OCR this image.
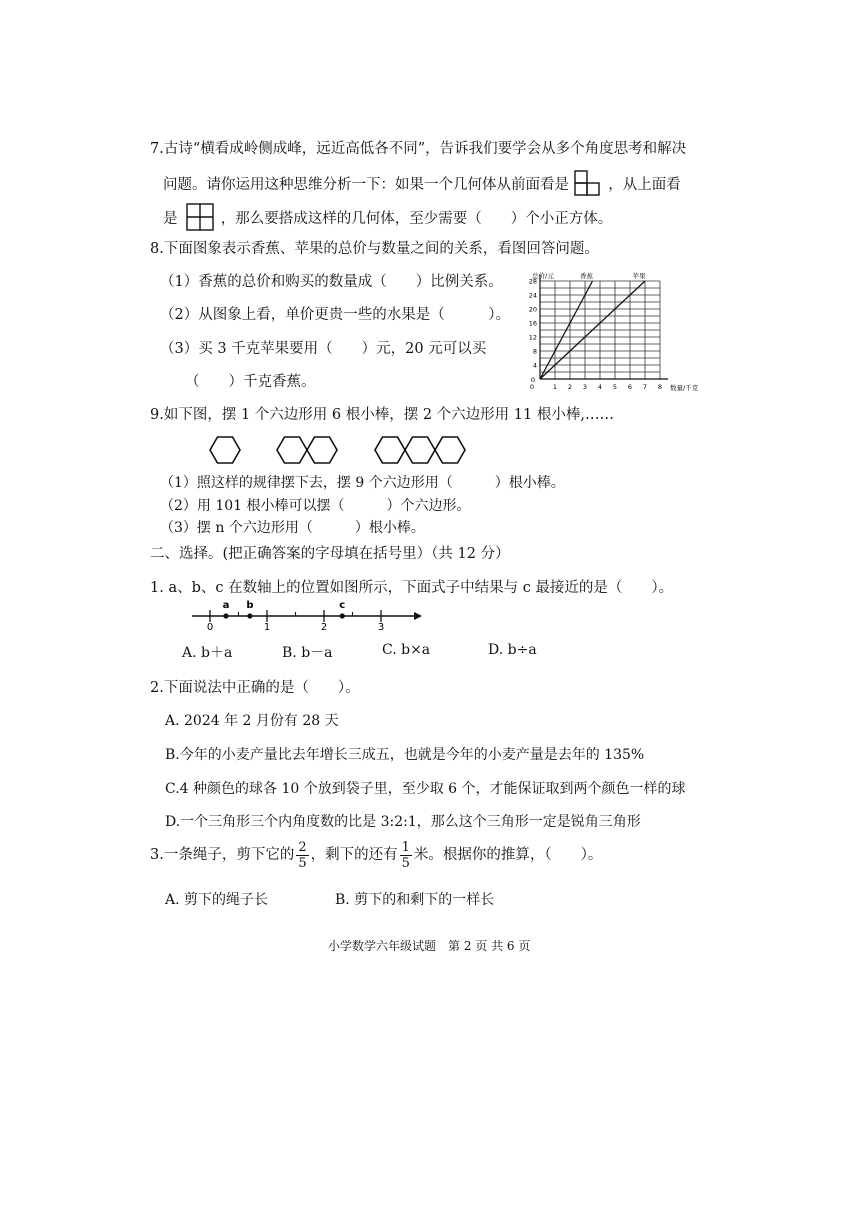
7.古诗“横看成岭侧成峰，远近高低各不同”，告诉我们要学会从多个角度思考和解决
问题。请你运用这种思维分析一下：如果一个几何体从前面看是	，从上面看
是	，那么要搭成这样的几何体，至少需要（　　）个小正方体。
8.下面图象表示香蕉、苹果的总价与数量之间的关系，看图回答问题。
（1）香蕉的总价和购买的数量成（　　）比例关系。
（2）从图象上看，单价更贵一些的水果是（　　　）。
（3）买 3 千克苹果要用（　　）元，20 元可以买
（　　）千克香蕉。	0	1 2 3 4 5 6 7 8
4
8
12
16
20
24
28
0
总价/元
数量/千克
香蕉	苹果
9.如下图，摆 1 个六边形用 6 根小棒，摆 2 个六边形用 11 根小棒,……
（1）照这样的规律摆下去，摆 9 个六边形用（　　　）根小棒。
（2）用 101 根小棒可以摆（　　　）个六边形。
（3）摆 n 个六边形用（　　　）根小棒。
二、选择。(把正确答案的字母填在括号里）（共 12 分）
1. a、b、c 在数轴上的位置如图所示，下面式子中结果与 c 最接近的是（　　）。
0	1	2	3
a b	c
A. b＋a	B. b－a	C. b×a	D. b÷a
2.下面说法中正确的是（　　）。
A. 2024 年 2 月份有 28 天
B.今年的小麦产量比去年增长三成五，也就是今年的小麦产量是去年的 135%
C.4 种颜色的球各 10 个放到袋子里，至少取 6 个，才能保证取到两个颜色一样的球
D.一个三角形三个内角度数的比是 3:2:1，那么这个三角形一定是锐角三角形
3.一条绳子，剪下它的 $\frac{2}{5}$ ，剩下的还有 $\frac{1}{5}$ 米。根据你的推算，（　　）。
A. 剪下的绳子长	B. 剪下的和剩下的一样长
小学数学六年级试题　第 2 页 共 6 页
